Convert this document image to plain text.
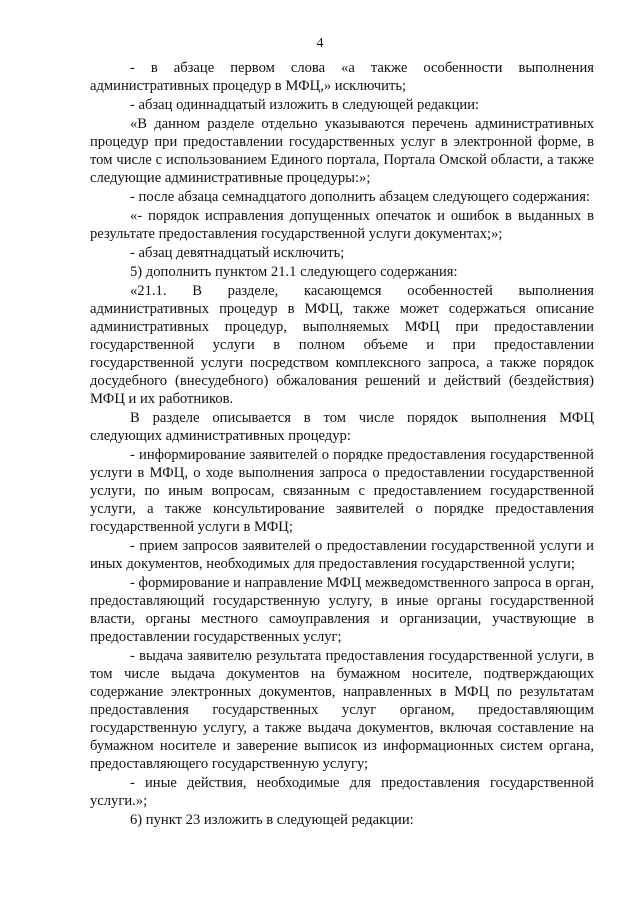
4

- в абзаце первом слова «а также особенности выполнения административных процедур в МФЦ,» исключить;

- абзац одиннадцатый изложить в следующей редакции:

«В данном разделе отдельно указываются перечень административных процедур при предоставлении государственных услуг в электронной форме, в том числе с использованием Единого портала, Портала Омской области, а также следующие административные процедуры:»;

- после абзаца семнадцатого дополнить абзацем следующего содержания:

«- порядок исправления допущенных опечаток и ошибок в выданных в результате предоставления государственной услуги документах;»;

- абзац девятнадцатый исключить;

5) дополнить пунктом 21.1 следующего содержания:

«21.1. В разделе, касающемся особенностей выполнения административных процедур в МФЦ, также может содержаться описание административных процедур, выполняемых МФЦ при предоставлении государственной услуги в полном объеме и при предоставлении государственной услуги посредством комплексного запроса, а также порядок досудебного (внесудебного) обжалования решений и действий (бездействия) МФЦ и их работников.

В разделе описывается в том числе порядок выполнения МФЦ следующих административных процедур:

- информирование заявителей о порядке предоставления государственной услуги в МФЦ, о ходе выполнения запроса о предоставлении государственной услуги, по иным вопросам, связанным с предоставлением государственной услуги, а также консультирование заявителей о порядке предоставления государственной услуги в МФЦ;

- прием запросов заявителей о предоставлении государственной услуги и иных документов, необходимых для предоставления государственной услуги;

- формирование и направление МФЦ межведомственного запроса в орган, предоставляющий государственную услугу, в иные органы государственной власти, органы местного самоуправления и организации, участвующие в предоставлении государственных услуг;

- выдача заявителю результата предоставления государственной услуги, в том числе выдача документов на бумажном носителе, подтверждающих содержание электронных документов, направленных в МФЦ по результатам предоставления государственных услуг органом, предоставляющим государственную услугу, а также выдача документов, включая составление на бумажном носителе и заверение выписок из информационных систем органа, предоставляющего государственную услугу;

- иные действия, необходимые для предоставления государственной услуги.»;

6) пункт 23 изложить в следующей редакции:
